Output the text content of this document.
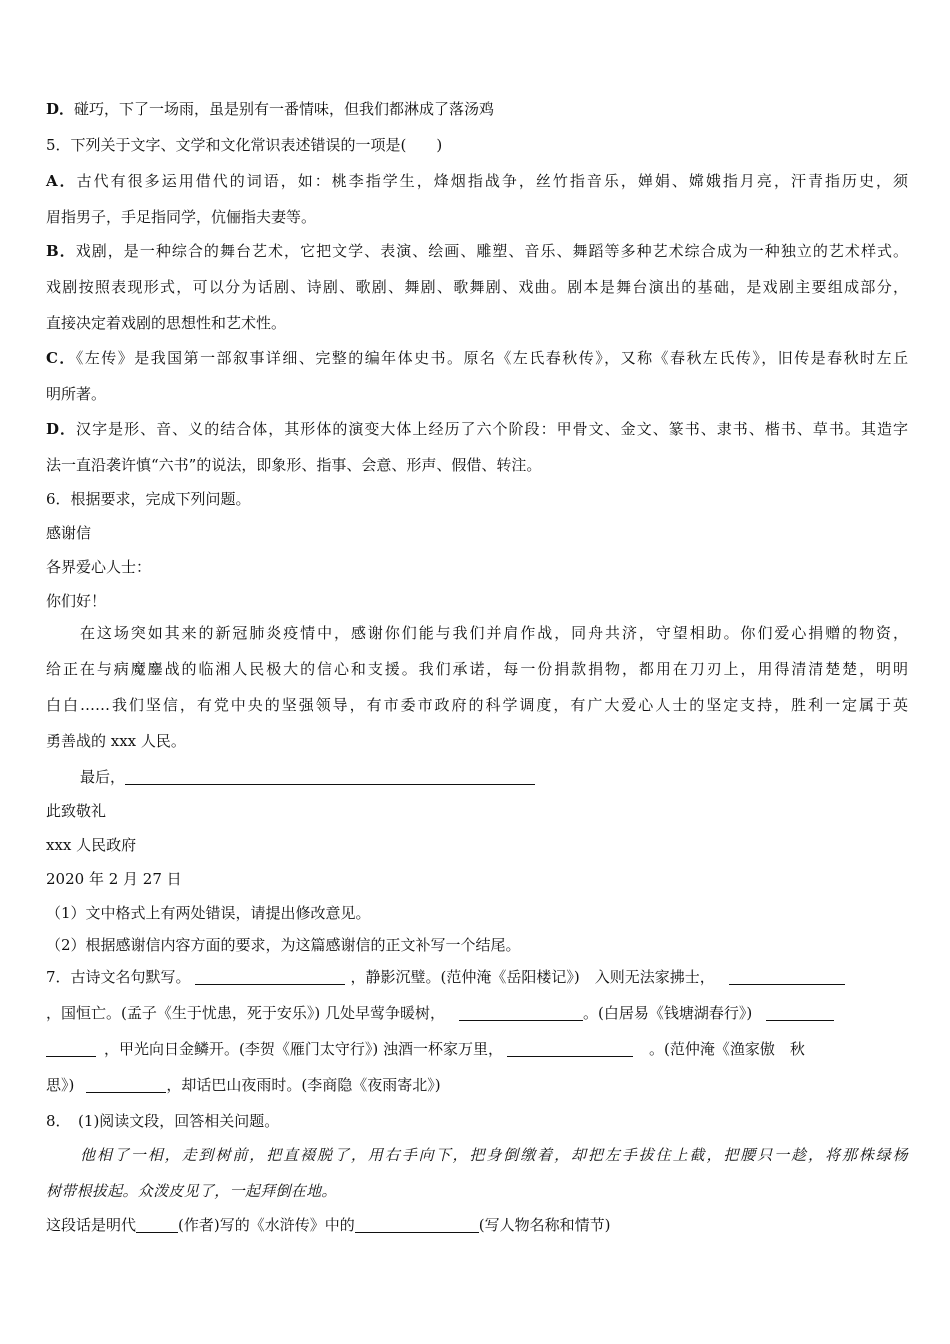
D．碰巧，下了一场雨，虽是别有一番情味，但我们都淋成了落汤鸡
5．下列关于文字、文学和文化常识表述错误的一项是(　　)
A．古代有很多运用借代的词语，如：桃李指学生，烽烟指战争，丝竹指音乐，婵娟、嫦娥指月亮，汗青指历史，须
眉指男子，手足指同学，伉俪指夫妻等。
B．戏剧，是一种综合的舞台艺术，它把文学、表演、绘画、雕塑、音乐、舞蹈等多种艺术综合成为一种独立的艺术样式。
戏剧按照表现形式，可以分为话剧、诗剧、歌剧、舞剧、歌舞剧、戏曲。剧本是舞台演出的基础，是戏剧主要组成部分，
直接决定着戏剧的思想性和艺术性。
C．《左传》是我国第一部叙事详细、完整的编年体史书。原名《左氏春秋传》，又称《春秋左氏传》，旧传是春秋时左丘
明所著。
D．汉字是形、音、义的结合体，其形体的演变大体上经历了六个阶段：甲骨文、金文、篆书、隶书、楷书、草书。其造字
法一直沿袭许慎“六书”的说法，即象形、指事、会意、形声、假借、转注。
6．根据要求，完成下列问题。
感谢信
各界爱心人士：
你们好！
在这场突如其来的新冠肺炎疫情中，感谢你们能与我们并肩作战，同舟共济，守望相助。你们爱心捐赠的物资，
给正在与病魔鏖战的临湘人民极大的信心和支援。我们承诺，每一份捐款捐物，都用在刀刃上，用得清清楚楚，明明
白白……我们坚信，有党中央的坚强领导，有市委市政府的科学调度，有广大爱心人士的坚定支持，胜利一定属于英
勇善战的 xxx 人民。
最后，
此致敬礼
xxx 人民政府
2020 年 2 月 27 日
（1）文中格式上有两处错误，请提出修改意见。
（2）根据感谢信内容方面的要求，为这篇感谢信的正文补写一个结尾。
7．古诗文名句默写。	，静影沉璧。(范仲淹《岳阳楼记》)　入则无法家拂士，
，国恒亡。(孟子《生于忧患，死于安乐》) 几处早莺争暖树，	。(白居易《钱塘湖春行》)
，甲光向日金鳞开。(李贺《雁门太守行》) 浊酒一杯家万里，	。(范仲淹《渔家傲　秋
思》)	，却话巴山夜雨时。(李商隐《夜雨寄北》)
8．　(1)阅读文段，回答相关问题。
他相了一相，走到树前，把直裰脱了，用右手向下，把身倒缴着，却把左手拔住上截，把腰只一趁，将那株绿杨
树带根拔起。众泼皮见了，一起拜倒在地。
这段话是明代	(作者)写的《水浒传》中的	(写人物名称和情节)
